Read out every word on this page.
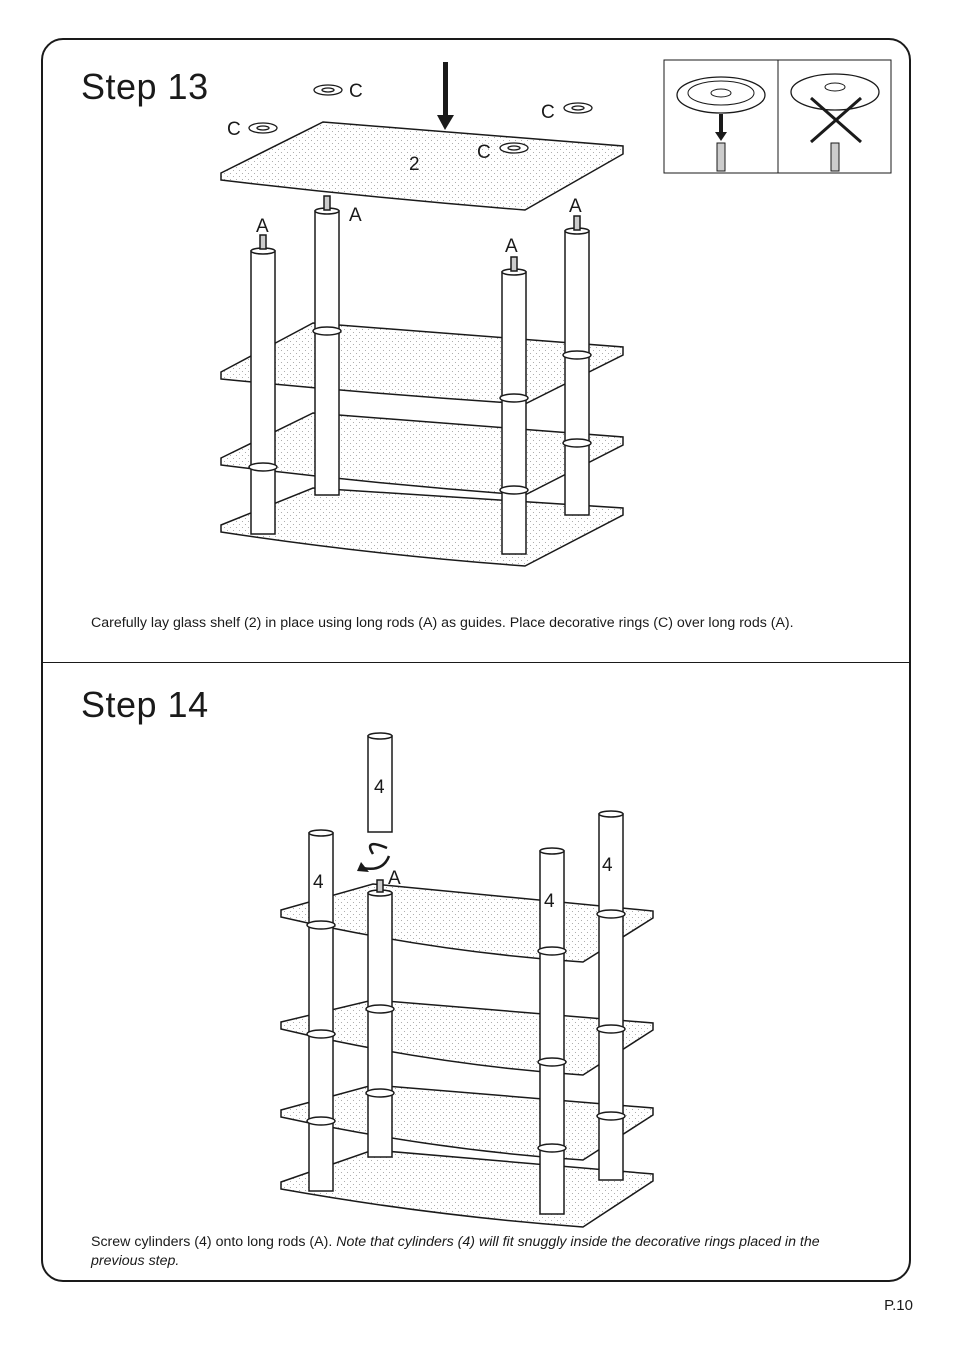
Step 13
2
C
C
C
C
A
A
A
A
Carefully lay glass shelf (2) in place using long rods (A) as guides. Place decorative rings (C) over long rods (A).
Step 14
4
4
4
4
A
Screw cylinders (4) onto long rods (A). Note that cylinders (4) will fit snuggly inside the decorative rings placed in the previous step.
P.10
